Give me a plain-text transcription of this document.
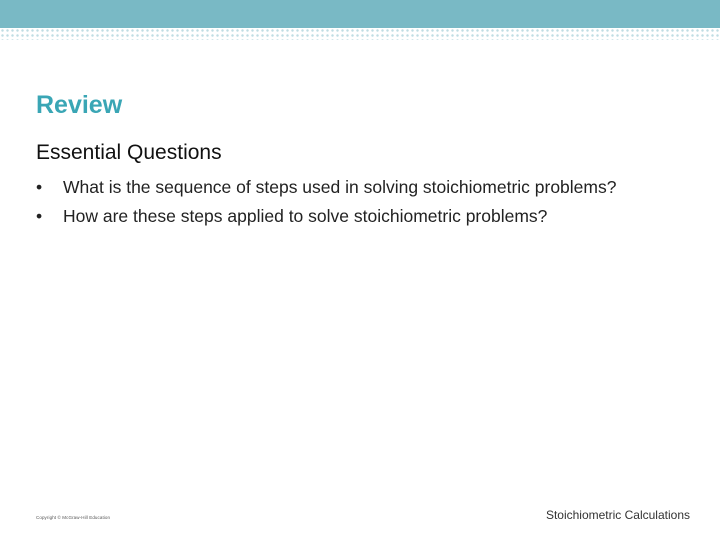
Review
Essential Questions
• What is the sequence of steps used in solving stoichiometric problems?
• How are these steps applied to solve stoichiometric problems?
Copyright © McGraw-Hill Education	Stoichiometric Calculations
